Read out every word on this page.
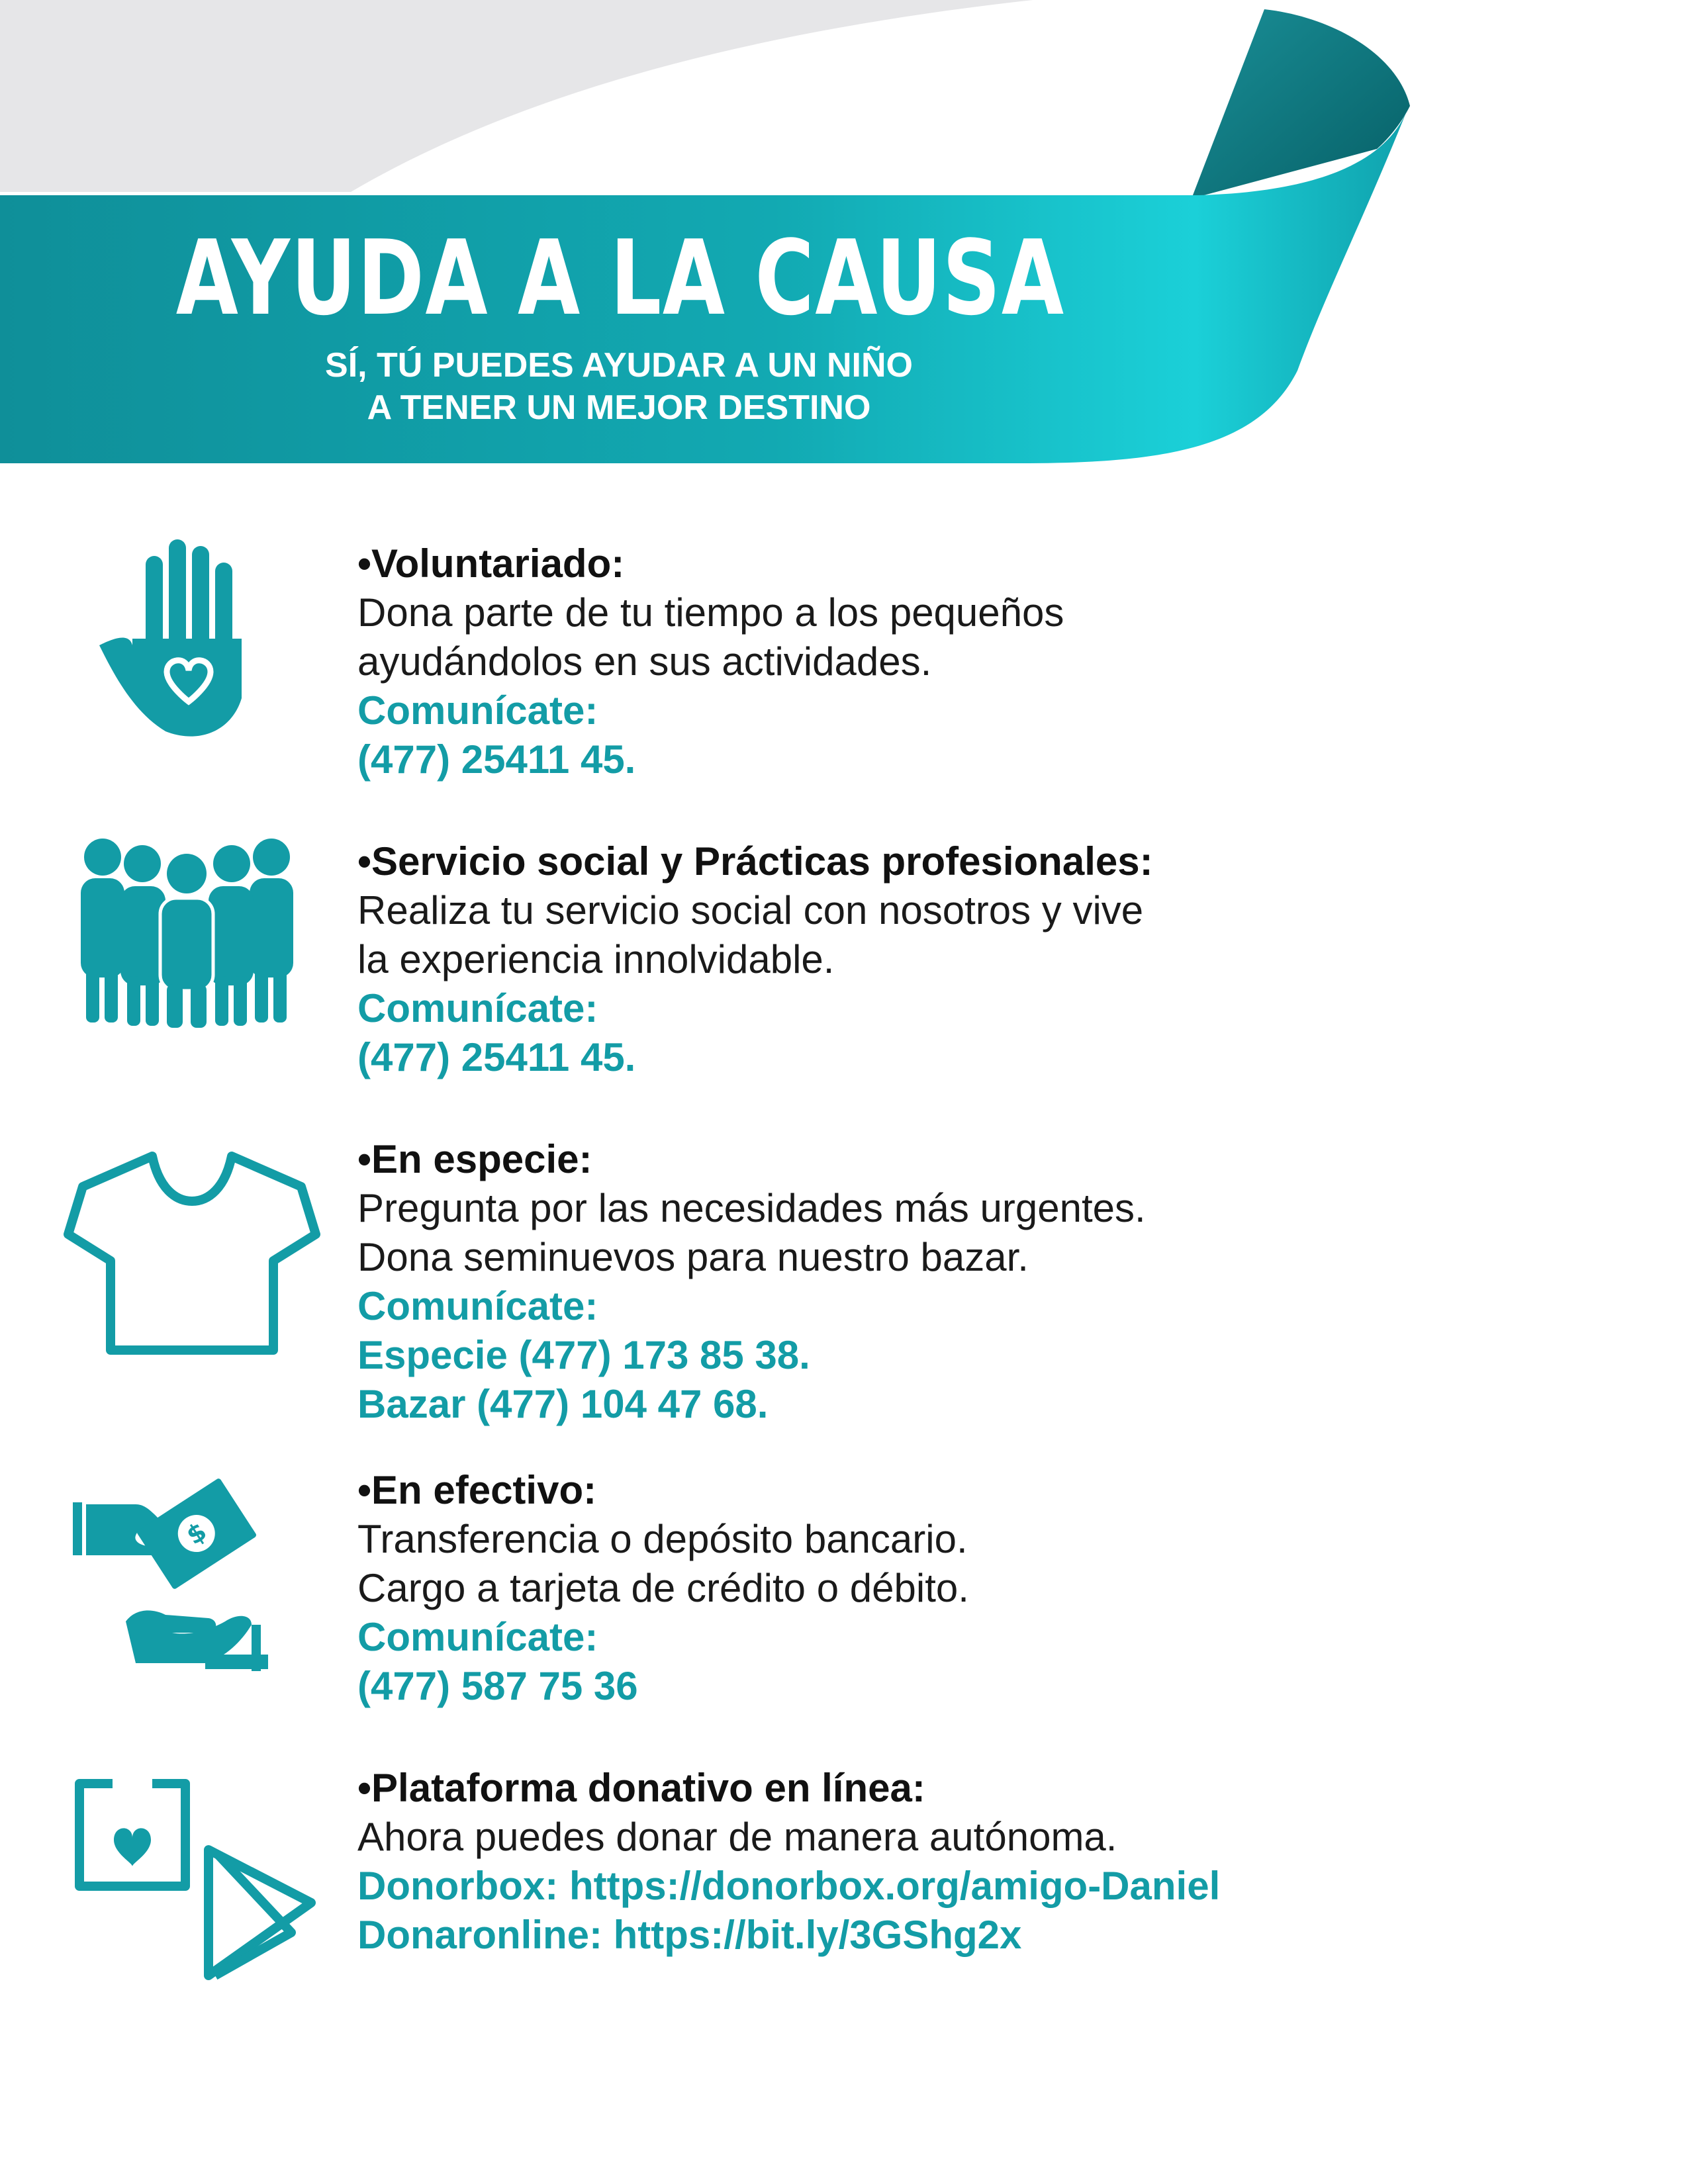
AYUDA A LA CAUSA
SÍ, TÚ PUEDES AYUDAR A UN NIÑO
A TENER UN MEJOR DESTINO
•Voluntariado:
Dona parte de tu tiempo a los pequeños
ayudándolos en sus actividades.
Comunícate:
(477) 25411 45.
•Servicio social y Prácticas profesionales:
Realiza tu servicio social con nosotros y vive
la experiencia innolvidable.
Comunícate:
(477) 25411 45.
•En especie:
Pregunta por las necesidades más urgentes.
Dona seminuevos para nuestro bazar.
Comunícate:
Especie (477) 173 85 38.
Bazar (477) 104 47 68.
$
•En efectivo:
Transferencia o depósito bancario.
Cargo a tarjeta de crédito o débito.
Comunícate:
(477) 587 75 36
•Plataforma donativo en línea:
Ahora puedes donar de manera autónoma.
Donorbox: https://donorbox.org/amigo-Daniel
Donaronline: https://bit.ly/3GShg2x
